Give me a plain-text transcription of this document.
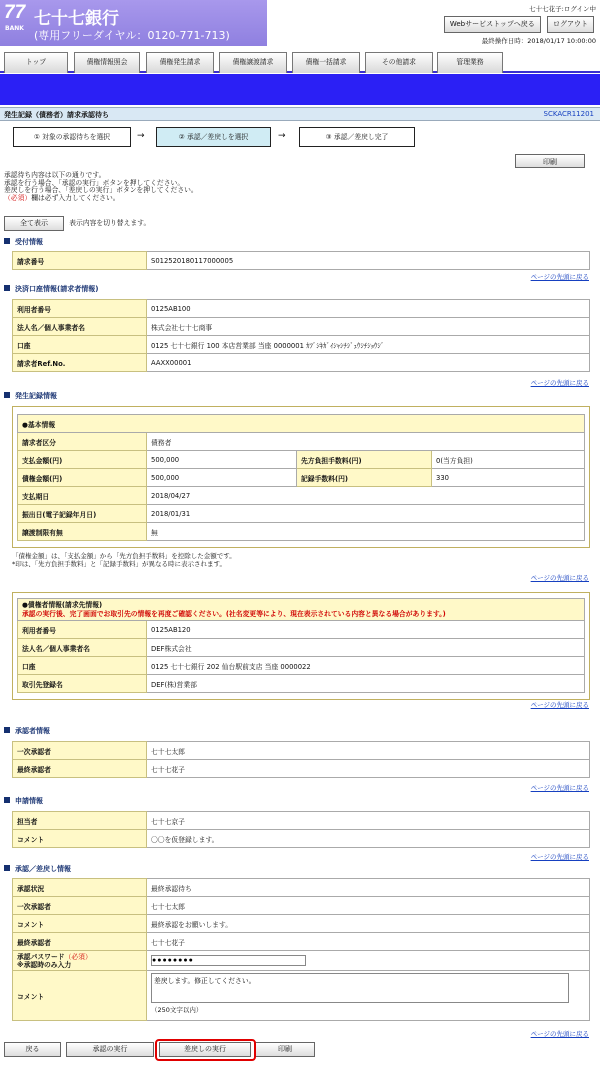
77
BANK 七十七銀行
(専用フリーダイヤル：0120-771-713)
七十七花子:ログイン中
Webサービストップへ戻る	ログアウト
最終操作日時：2018/01/17 10:00:00
トップ	債権情報照会	債権発生請求	債権譲渡請求	債権一括請求	その他請求	管理業務
発生記録（債務者）請求承認待ち	SCKACR11201
① 対象の承認待ちを選択	→	② 承認／差戻しを選択	→	③ 承認／差戻し完了
印刷
承認待ち内容は以下の通りです。
承認を行う場合、「承認の実行」ボタンを押してください。
差戻しを行う場合、「差戻しの実行」ボタンを押してください。
（必須）欄は必ず入力してください。
全て表示	表示内容を切り替えます。
受付情報
請求番号	S012520180117000005
ページの先頭に戻る
決済口座情報(請求者情報)
利用者番号	0125AB100
法人名／個人事業者名	株式会社七十七商事
口座	0125 七十七銀行 100 本店営業部 当座 0000001 ｶﾌﾞｼｷｶﾞｲｼｬｼﾁｼﾞｭｳｼﾁｼｮｳｼﾞ
請求者Ref.No.	AAXX00001
ページの先頭に戻る
発生記録情報
●基本情報			
請求者区分	債務者		
支払金額(円)	500,000	先方負担手数料(円)	0(当方負担)
債権金額(円)	500,000	記録手数料(円)	330
支払期日	2018/04/27		
振出日(電子記録年月日)	2018/01/31		
譲渡制限有無	無		
「債権金額」は、「支払金額」から「先方負担手数料」を控除した金額です。
*印は、「先方負担手数料」と「記録手数料」が異なる時に表示されます。
ページの先頭に戻る
●債権者情報(請求先情報)
承認の実行後、完了画面でお取引先の情報を再度ご確認ください。(社名変更等により、現在表示されている内容と異なる場合があります。)	

利用者番号	0125AB120
法人名／個人事業者名	DEF株式会社
口座	0125 七十七銀行 202 仙台駅前支店 当座 0000022
取引先登録名	DEF(株)営業部
ページの先頭に戻る
承認者情報
一次承認者	七十七太郎
最終承認者	七十七花子
ページの先頭に戻る
申請情報
担当者	七十七京子
コメント	〇〇を仮登録します。
ページの先頭に戻る
承認／差戻し情報
承認状況	最終承認待ち
一次承認者	七十七太郎
コメント	最終承認をお願いします。
最終承認者	七十七花子

承認パスワード（必須）
※承認時のみ入力
	●●●●●●●●
コメント	差戻します。修正してください。
（250文字以内）
ページの先頭に戻る
戻る	承認の実行	差戻しの実行	印刷
